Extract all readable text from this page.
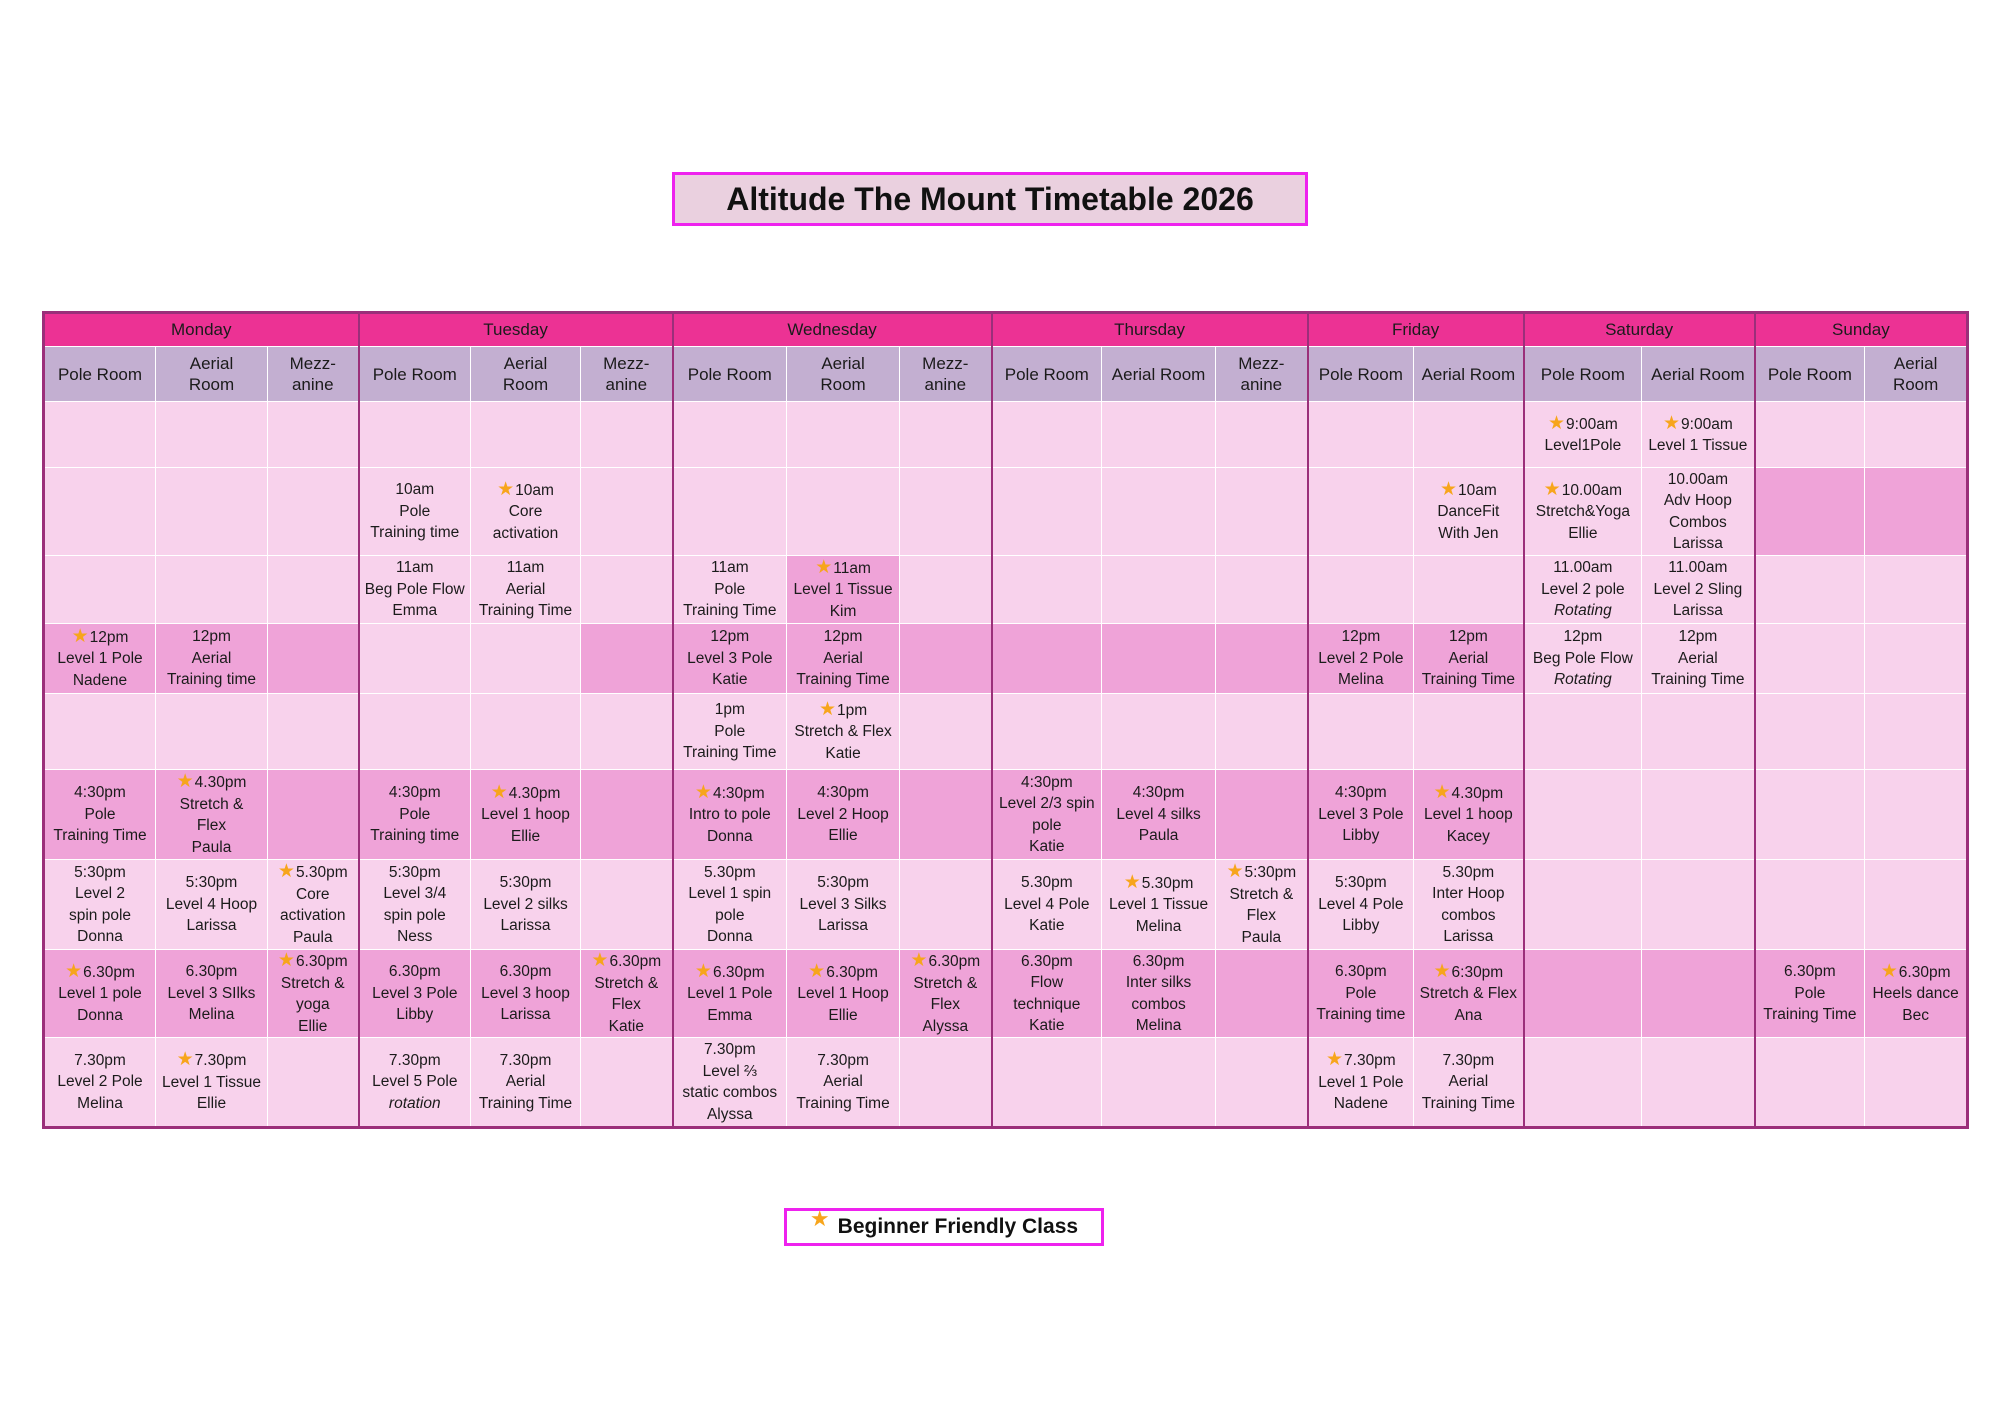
Altitude The Mount Timetable 2026
Monday			Tuesday			Wednesday			Thursday			Friday		Saturday		Sunday	

Pole Room	Aerial
Room	Mezz-
anine	Pole Room	Aerial
Room	Mezz-
anine	Pole Room	Aerial
Room	Mezz-
anine	Pole Room	Aerial Room	Mezz-
anine	Pole Room	Aerial Room	Pole Room	Aerial Room	Pole Room	Aerial
Room

														★9:00am
Level1Pole	★9:00am
Level 1 Tissue		

			10am
Pole
Training time	★10am
Core
activation									★10am
DanceFit
With Jen	★10.00am
Stretch&Yoga
Ellie	10.00am
Adv Hoop
Combos
Larissa		

			11am
Beg Pole Flow
Emma	11am
Aerial
Training Time		11am
Pole
Training Time	★11am
Level 1 Tissue
Kim							11.00am
Level 2 pole
Rotating	11.00am
Level 2 Sling
Larissa		

★12pm
Level 1 Pole
Nadene	12pm
Aerial
Training time					12pm
Level 3 Pole
Katie	12pm
Aerial
Training Time					12pm
Level 2 Pole
Melina	12pm
Aerial
Training Time	12pm
Beg Pole Flow
Rotating	12pm
Aerial
Training Time		

						1pm
Pole
Training Time	★1pm
Stretch & Flex
Katie										

4:30pm
Pole
Training Time	★4.30pm
Stretch &
Flex
Paula		4:30pm
Pole
Training time	★4.30pm
Level 1 hoop
Ellie		★4:30pm
Intro to pole
Donna	4:30pm
Level 2 Hoop
Ellie		4:30pm
Level 2/3 spin
pole
Katie	4:30pm
Level 4 silks
Paula		4:30pm
Level 3 Pole
Libby	★4.30pm
Level 1 hoop
Kacey				

5:30pm
Level 2
spin pole
Donna	5:30pm
Level 4 Hoop
Larissa	★5.30pm
Core
activation
Paula	5:30pm
Level 3/4
spin pole
Ness	5:30pm
Level 2 silks
Larissa		5.30pm
Level 1 spin
pole
Donna	5:30pm
Level 3 Silks
Larissa		5.30pm
Level 4 Pole
Katie	★5.30pm
Level 1 Tissue
Melina	★5:30pm
Stretch &
Flex
Paula	5:30pm
Level 4 Pole
Libby	5.30pm
Inter Hoop
combos
Larissa				

★6.30pm
Level 1 pole
Donna	6.30pm
Level 3 SIlks
Melina	★6.30pm
Stretch &
yoga
Ellie	6.30pm
Level 3 Pole
Libby	6.30pm
Level 3 hoop
Larissa	★6.30pm
Stretch &
Flex
Katie	★6.30pm
Level 1 Pole
Emma	★6.30pm
Level 1 Hoop
Ellie	★6.30pm
Stretch &
Flex
Alyssa	6.30pm
Flow
technique
Katie	6.30pm
Inter silks
combos
Melina		6.30pm
Pole
Training time	★6:30pm
Stretch & Flex
Ana			6.30pm
Pole
Training Time	★6.30pm
Heels dance
Bec

7.30pm
Level 2 Pole
Melina	★7.30pm
Level 1 Tissue
Ellie		7.30pm
Level 5 Pole
rotation	7.30pm
Aerial
Training Time		7.30pm
Level ⅔
static combos
Alyssa	7.30pm
Aerial
Training Time					★7.30pm
Level 1 Pole
Nadene	7.30pm
Aerial
Training Time				

★ Beginner Friendly Class
